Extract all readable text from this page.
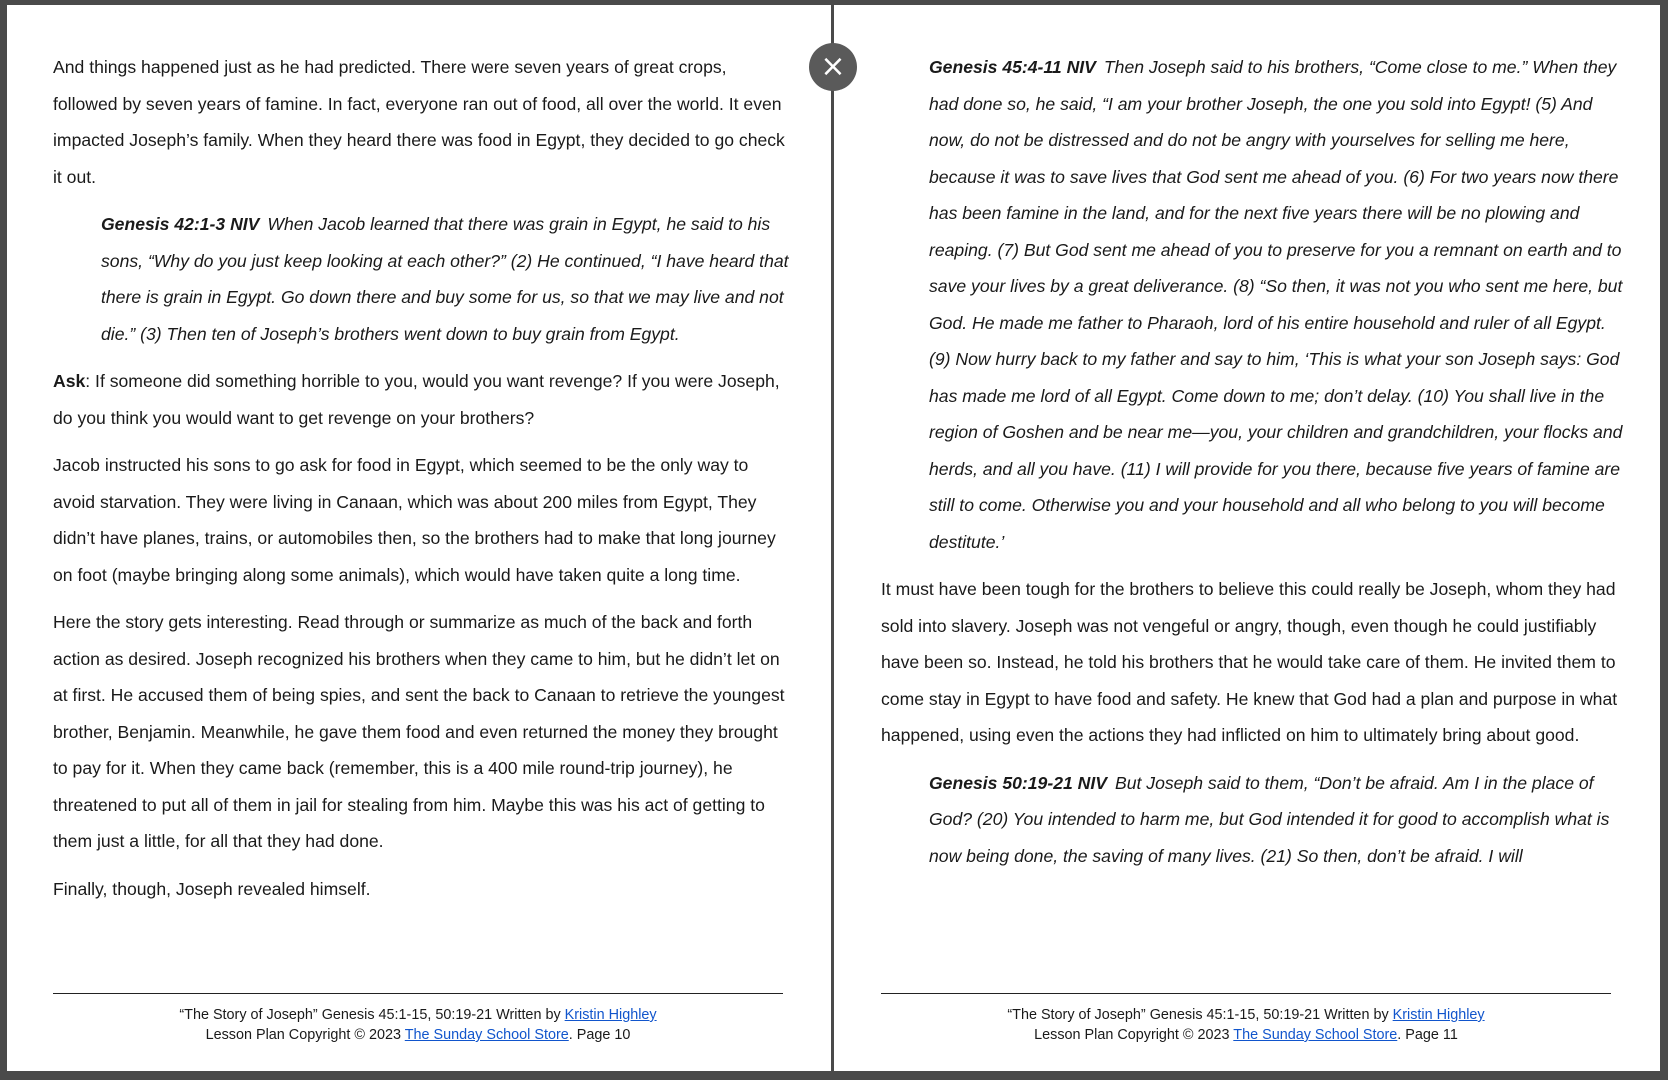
And things happened just as he had predicted. There were seven years of great crops, followed by seven years of famine. In fact, everyone ran out of food, all over the world. It even impacted Joseph’s family. When they heard there was food in Egypt, they decided to go check it out.

Genesis 42:1-3 NIV When Jacob learned that there was grain in Egypt, he said to his sons, “Why do you just keep looking at each other?” (2) He continued, “I have heard that there is grain in Egypt. Go down there and buy some for us, so that we may live and not die.” (3) Then ten of Joseph’s brothers went down to buy grain from Egypt.

Ask: If someone did something horrible to you, would you want revenge? If you were Joseph, do you think you would want to get revenge on your brothers?

Jacob instructed his sons to go ask for food in Egypt, which seemed to be the only way to avoid starvation. They were living in Canaan, which was about 200 miles from Egypt, They didn’t have planes, trains, or automobiles then, so the brothers had to make that long journey on foot (maybe bringing along some animals), which would have taken quite a long time.

Here the story gets interesting. Read through or summarize as much of the back and forth action as desired. Joseph recognized his brothers when they came to him, but he didn’t let on at first. He accused them of being spies, and sent the back to Canaan to retrieve the youngest brother, Benjamin. Meanwhile, he gave them food and even returned the money they brought to pay for it. When they came back (remember, this is a 400 mile round-trip journey), he threatened to put all of them in jail for stealing from him. Maybe this was his act of getting to them just a little, for all that they had done.

Finally, though, Joseph revealed himself.

“The Story of Joseph” Genesis 45:1-15, 50:19-21 Written by Kristin Highley
Lesson Plan Copyright © 2023 The Sunday School Store. Page 10

Genesis 45:4-11 NIV Then Joseph said to his brothers, “Come close to me.” When they had done so, he said, “I am your brother Joseph, the one you sold into Egypt! (5) And now, do not be distressed and do not be angry with yourselves for selling me here, because it was to save lives that God sent me ahead of you. (6) For two years now there has been famine in the land, and for the next five years there will be no plowing and reaping. (7) But God sent me ahead of you to preserve for you a remnant on earth and to save your lives by a great deliverance. (8) “So then, it was not you who sent me here, but God. He made me father to Pharaoh, lord of his entire household and ruler of all Egypt. (9) Now hurry back to my father and say to him, ‘This is what your son Joseph says: God has made me lord of all Egypt. Come down to me; don’t delay. (10) You shall live in the region of Goshen and be near me—you, your children and grandchildren, your flocks and herds, and all you have. (11) I will provide for you there, because five years of famine are still to come. Otherwise you and your household and all who belong to you will become destitute.’

It must have been tough for the brothers to believe this could really be Joseph, whom they had sold into slavery. Joseph was not vengeful or angry, though, even though he could justifiably have been so. Instead, he told his brothers that he would take care of them. He invited them to come stay in Egypt to have food and safety. He knew that God had a plan and purpose in what happened, using even the actions they had inflicted on him to ultimately bring about good.

Genesis 50:19-21 NIV But Joseph said to them, “Don’t be afraid. Am I in the place of God? (20) You intended to harm me, but God intended it for good to accomplish what is now being done, the saving of many lives. (21) So then, don’t be afraid. I will

“The Story of Joseph” Genesis 45:1-15, 50:19-21 Written by Kristin Highley
Lesson Plan Copyright © 2023 The Sunday School Store. Page 11
×
